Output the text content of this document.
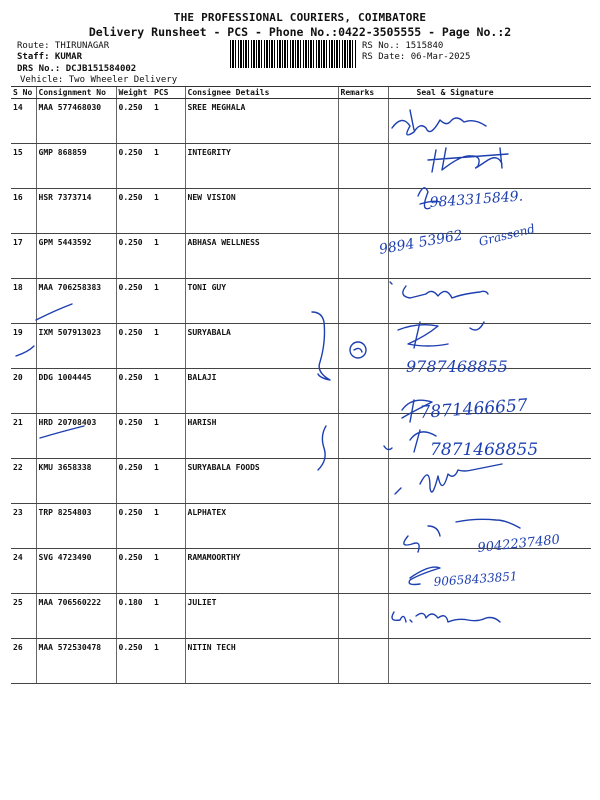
THE PROFESSIONAL COURIERS, COIMBATORE
Delivery Runsheet - PCS - Phone No.:0422-3505555 - Page No.:2
Route: THIRUNAGAR
Staff: KUMAR
DRS No.: DCJB151584002
Vehicle: Two Wheeler Delivery
RS No.: 1515840
RS Date: 06-Mar-2025
S No	Consignment No	Weight	PCS	Consignee Details	Remarks	Seal & Signature
14	MAA 577468030	0.250	1	SREE MEGHALA		
15	GMP 868859	0.250	1	INTEGRITY		
16	HSR 7373714	0.250	1	NEW VISION		
17	GPM 5443592	0.250	1	ABHASA WELLNESS		
18	MAA 706258383	0.250	1	TONI GUY		
19	IXM 507913023	0.250	1	SURYABALA		
20	DDG 1004445	0.250	1	BALAJI		
21	HRD 20708403	0.250	1	HARISH		
22	KMU 3658338	0.250	1	SURYABALA FOODS		
23	TRP 8254803	0.250	1	ALPHATEX		
24	SVG 4723490	0.250	1	RAMAMOORTHY		
25	MAA 706560222	0.180	1	JULIET		
26	MAA 572530478	0.250	1	NITIN TECH		
9843315849.
9894 53962 Grassend
9787468855
7871466657
7871468855
9042237480
90658433851
